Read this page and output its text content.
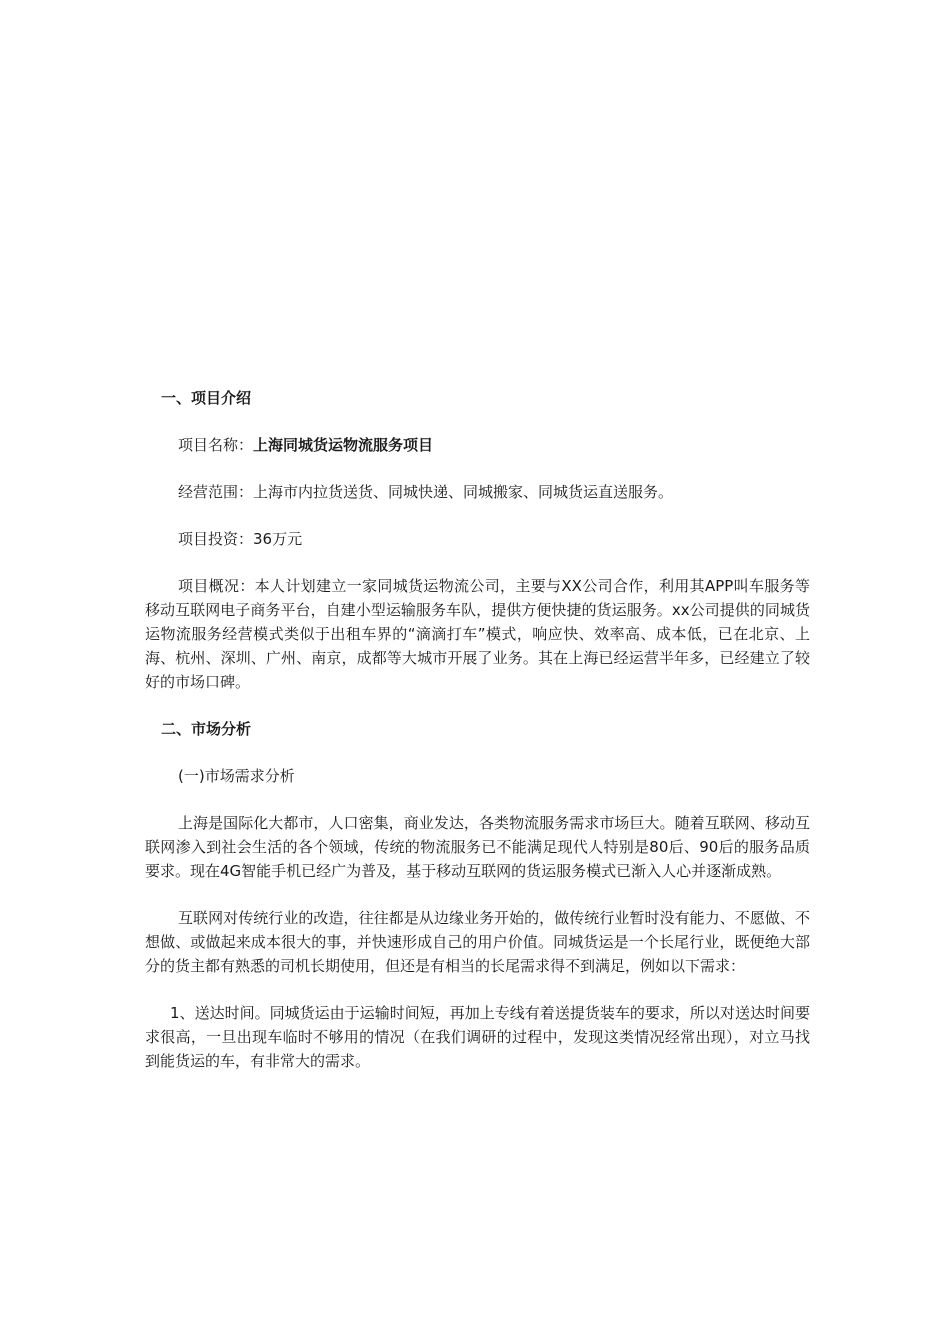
一、项目介绍
项目名称：上海同城货运物流服务项目
经营范围：上海市内拉货送货、同城快递、同城搬家、同城货运直送服务。
项目投资：36万元
项目概况：本人计划建立一家同城货运物流公司，主要与XX公司合作，利用其APP叫车服务等移动互联网电子商务平台，自建小型运输服务车队，提供方便快捷的货运服务。xx公司提供的同城货运物流服务经营模式类似于出租车界的“滴滴打车”模式，响应快、效率高、成本低，已在北京、上海、杭州、深圳、广州、南京，成都等大城市开展了业务。其在上海已经运营半年多，已经建立了较好的市场口碑。
二、市场分析
(一)市场需求分析
上海是国际化大都市，人口密集，商业发达，各类物流服务需求市场巨大。随着互联网、移动互联网渗入到社会生活的各个领域，传统的物流服务已不能满足现代人特别是80后、90后的服务品质要求。现在4G智能手机已经广为普及，基于移动互联网的货运服务模式已渐入人心并逐渐成熟。
互联网对传统行业的改造，往往都是从边缘业务开始的，做传统行业暂时没有能力、不愿做、不想做、或做起来成本很大的事，并快速形成自己的用户价值。同城货运是一个长尾行业，既便绝大部分的货主都有熟悉的司机长期使用，但还是有相当的长尾需求得不到满足，例如以下需求：
1、送达时间。同城货运由于运输时间短，再加上专线有着送提货装车的要求，所以对送达时间要求很高，一旦出现车临时不够用的情况（在我们调研的过程中，发现这类情况经常出现），对立马找到能货运的车，有非常大的需求。
